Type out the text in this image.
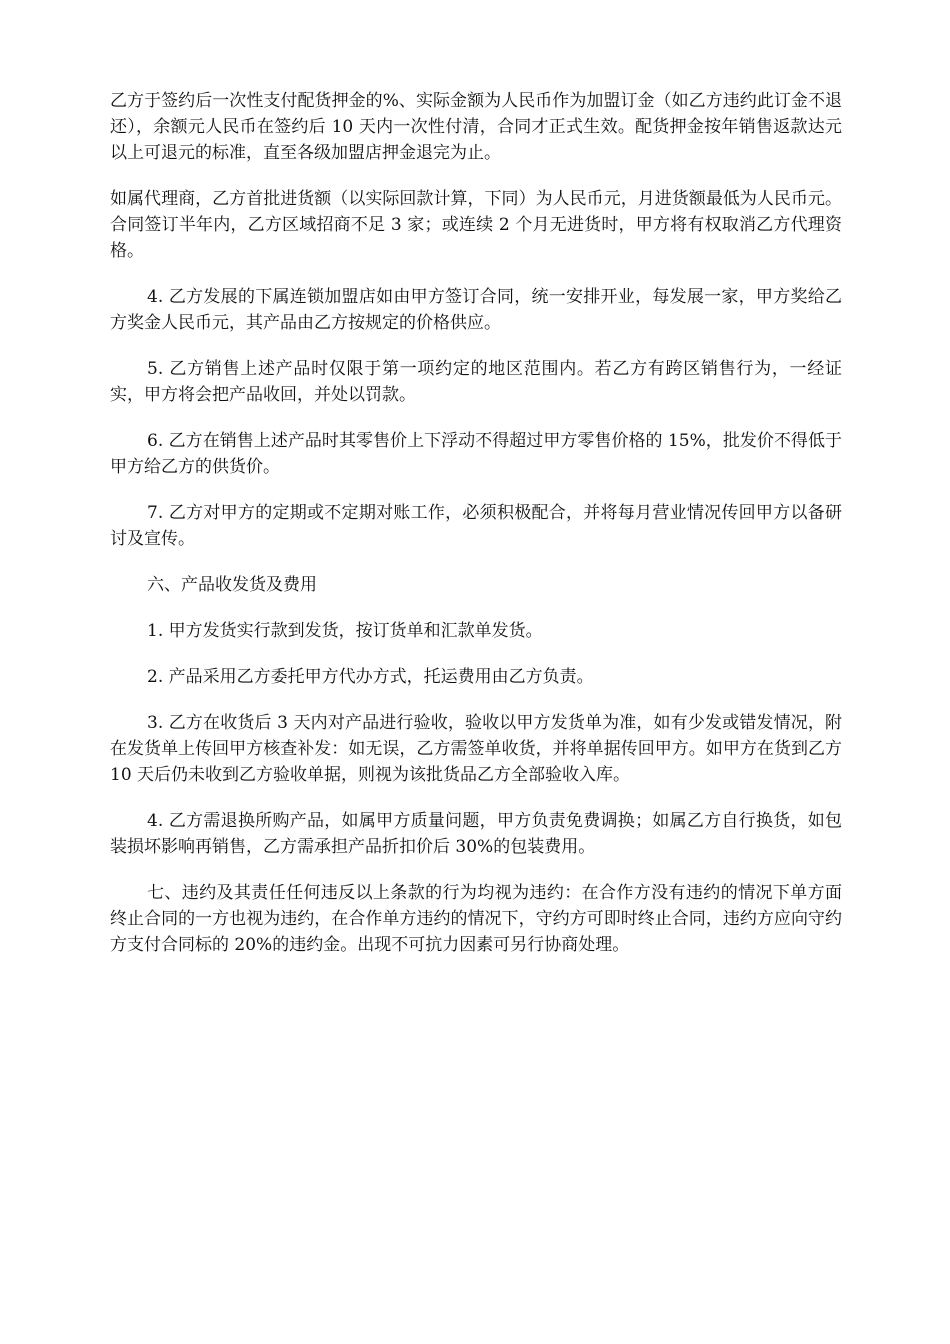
乙方于签约后一次性支付配货押金的%、实际金额为人民币作为加盟订金（如乙方违约此订金不退还），余额元人民币在签约后 10 天内一次性付清，合同才正式生效。配货押金按年销售返款达元以上可退元的标准，直至各级加盟店押金退完为止。

如属代理商，乙方首批进货额（以实际回款计算，下同）为人民币元，月进货额最低为人民币元。合同签订半年内，乙方区域招商不足 3 家；或连续 2 个月无进货时，甲方将有权取消乙方代理资格。

4. 乙方发展的下属连锁加盟店如由甲方签订合同，统一安排开业，每发展一家，甲方奖给乙方奖金人民币元，其产品由乙方按规定的价格供应。

5. 乙方销售上述产品时仅限于第一项约定的地区范围内。若乙方有跨区销售行为，一经证实，甲方将会把产品收回，并处以罚款。

6. 乙方在销售上述产品时其零售价上下浮动不得超过甲方零售价格的 15%，批发价不得低于甲方给乙方的供货价。

7. 乙方对甲方的定期或不定期对账工作，必须积极配合，并将每月营业情况传回甲方以备研讨及宣传。

六、产品收发货及费用

1. 甲方发货实行款到发货，按订货单和汇款单发货。

2. 产品采用乙方委托甲方代办方式，托运费用由乙方负责。

3. 乙方在收货后 3 天内对产品进行验收，验收以甲方发货单为准，如有少发或错发情况，附在发货单上传回甲方核查补发：如无误，乙方需签单收货，并将单据传回甲方。如甲方在货到乙方 10 天后仍未收到乙方验收单据，则视为该批货品乙方全部验收入库。

4. 乙方需退换所购产品，如属甲方质量问题，甲方负责免费调换；如属乙方自行换货，如包装损坏影响再销售，乙方需承担产品折扣价后 30%的包装费用。

七、违约及其责任任何违反以上条款的行为均视为违约：在合作方没有违约的情况下单方面终止合同的一方也视为违约，在合作单方违约的情况下，守约方可即时终止合同，违约方应向守约方支付合同标的 20%的违约金。出现不可抗力因素可另行协商处理。
